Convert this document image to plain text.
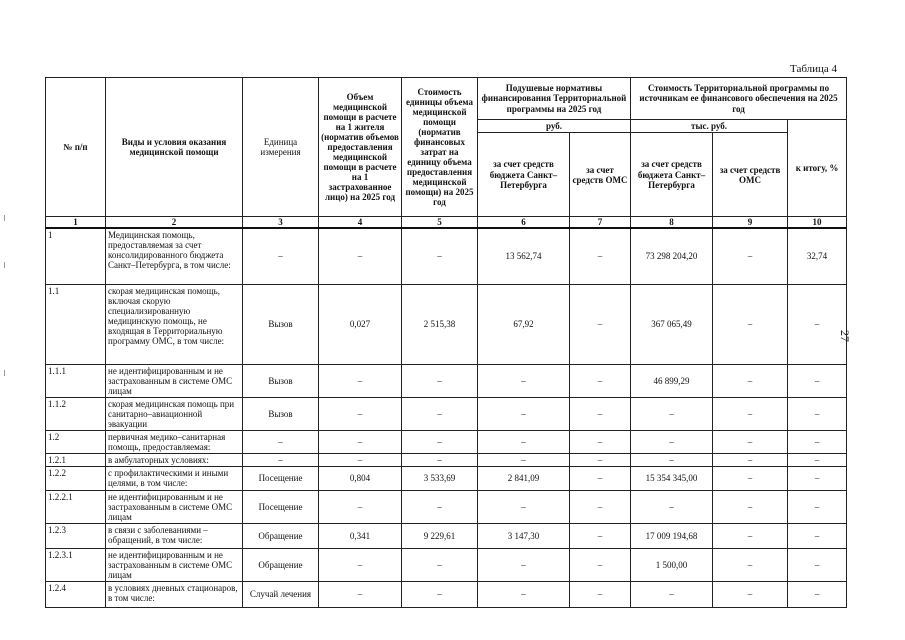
Таблица 4
27
№ п/п	Виды и условия оказания медицинской помощи	Единица измерения	Объем медицинской помощи в расчете на 1 жителя (норматив объемов предоставления медицинской помощи в расчете на 1 застрахованное лицо) на 2025 год	Стоимость единицы объема медицинской помощи (норматив финансовых затрат на единицу объема предоставления медицинской помощи) на 2025 год	Подушевые нормативы финансирования Территориальной программы на 2025 год		Стоимость Территориальной программы по источникам ее финансового обеспечения на 2025 год		
					руб.		тыс. руб.		к итогу, %
					за счет средств бюджета Санкт–Петербурга	за счет средств ОМС	за счет средств бюджета Санкт–Петербурга	за счет средств ОМС	
1	2	3	4	5	6	7	8	9	10
1	Медицинская помощь, предоставляемая за счет консолидированного бюджета Санкт–Петербурга, в том числе:	–	–	–	13 562,74	–	73 298 204,20	–	32,74
1.1	скорая медицинская помощь, включая скорую специализированную медицинскую помощь, не входящая в Территориальную программу ОМС, в том числе:	Вызов	0,027	2 515,38	67,92	–	367 065,49	–	–
1.1.1	не идентифицированным и не застрахованным в системе ОМС лицам	Вызов	–	–	–	–	46 899,29	–	–
1.1.2	скорая медицинская помощь при санитарно–авиационной эвакуации	Вызов	–	–	–	–	–	–	–
1.2	первичная медико–санитарная помощь, предоставляемая:	–	–	–	–	–	–	–	–
1.2.1	в амбулаторных условиях:	–	–	–	–	–	–	–	–
1.2.2	с профилактическими и иными целями, в том числе:	Посещение	0,804	3 533,69	2 841,09	–	15 354 345,00	–	–
1.2.2.1	не идентифицированным и не застрахованным в системе ОМС лицам	Посещение	–	–	–	–	–	–	–
1.2.3	в связи с заболеваниями – обращений, в том числе:	Обращение	0,341	9 229,61	3 147,30	–	17 009 194,68	–	–
1.2.3.1	не идентифицированным и не застрахованным в системе ОМС лицам	Обращение	–	–	–	–	1 500,00	–	–
1.2.4	в условиях дневных стационаров, в том числе:	Случай лечения	–	–	–	–	–	–	–
